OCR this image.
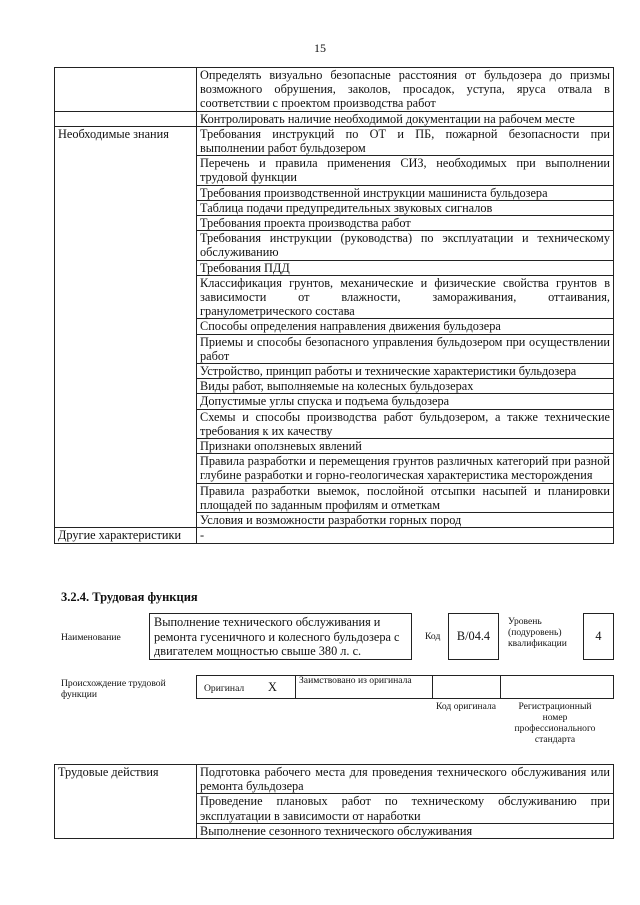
15
	Определять визуально безопасные расстояния от бульдозера до призмы возможного обрушения, заколов, просадок, уступа, яруса отвала в соответствии с проектом производства работ
	Контролировать наличие необходимой документации на рабочем месте
Необходимые знания	Требования инструкций по ОТ и ПБ, пожарной безопасности при выполнении работ бульдозером
	Перечень и правила применения СИЗ, необходимых при выполнении трудовой функции
	Требования производственной инструкции машиниста бульдозера
	Таблица подачи предупредительных звуковых сигналов
	Требования проекта производства работ
	Требования инструкции (руководства) по эксплуатации и техническому обслуживанию
	Требования ПДД
	Классификация грунтов, механические и физические свойства грунтов в зависимости от влажности, замораживания, оттаивания, гранулометрического состава
	Способы определения направления движения бульдозера
	Приемы и способы безопасного управления бульдозером при осуществлении работ
	Устройство, принцип работы и технические характеристики бульдозера
	Виды работ, выполняемые на колесных бульдозерах
	Допустимые углы спуска и подъема бульдозера
	Схемы и способы производства работ бульдозером, а также технические требования к их качеству
	Признаки оползневых явлений
	Правила разработки и перемещения грунтов различных категорий при разной глубине разработки и горно-геологическая характеристика месторождения
	Правила разработки выемок, послойной отсыпки насыпей и планировки площадей по заданным профилям и отметкам
	Условия и возможности разработки горных пород
Другие характеристики	-
3.2.4. Трудовая функция
Наименование
Выполнение технического обслуживания и ремонта гусеничного и колесного бульдозера с двигателем мощностью свыше 380 л. с.
Код	B/04.4
Уровень (подуровень) квалификации
4
Происхождение трудовой функции
Оригинал X Заимствовано из оригинала
Код оригинала	Регистрационный номер профессионального стандарта
Трудовые действия	Подготовка рабочего места для проведения технического обслуживания или ремонта бульдозера
Проведение плановых работ по техническому обслуживанию при эксплуатации в зависимости от наработки
Выполнение сезонного технического обслуживания
